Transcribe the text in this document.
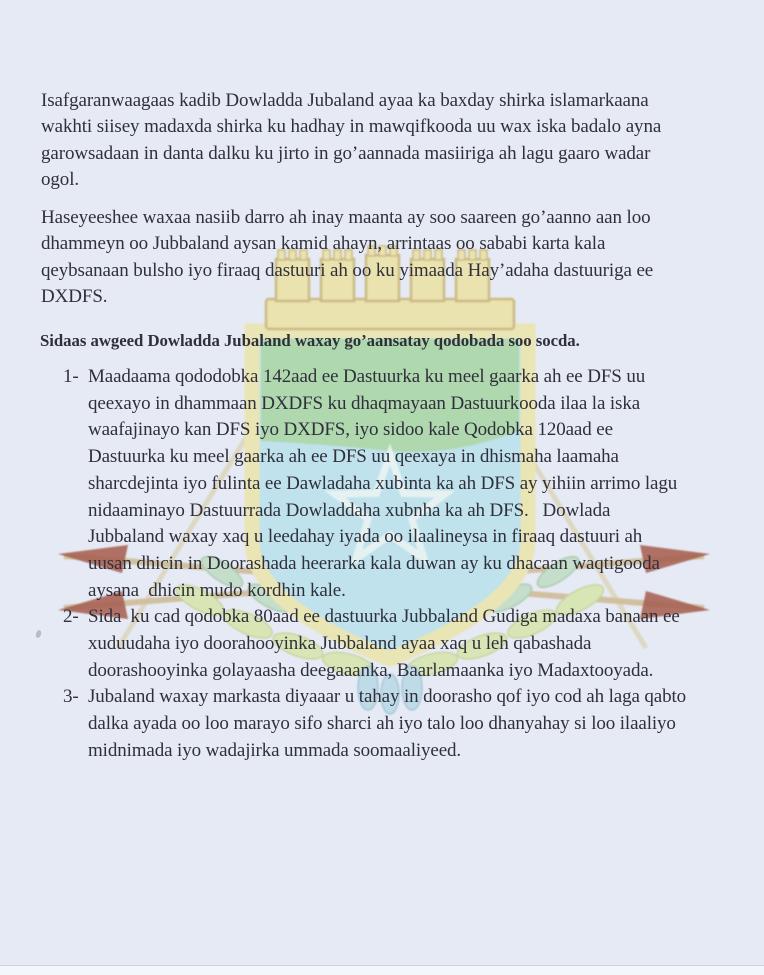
Isafgaranwaagaas kadib Dowladda Jubaland ayaa ka baxday shirka islamarkaana
wakhti siisey madaxda shirka ku hadhay in mawqifkooda uu wax iska badalo ayna
garowsadaan in danta dalku ku jirto in go’aannada masiiriga ah lagu gaaro wadar
ogol.
Haseyeeshee waxaa nasiib darro ah inay maanta ay soo saareen go’aanno aan loo
dhammeyn oo Jubbaland aysan kamid ahayn, arrintaas oo sababi karta kala
qeybsanaan bulsho iyo firaaq dastuuri ah oo ku yimaada Hay’adaha dastuuriga ee
DXDFS.
Sidaas awgeed Dowladda Jubaland waxay go’aansatay qodobada soo socda.
1- Maadaama qododobka 142aad ee Dastuurka ku meel gaarka ah ee DFS uu
qeexayo in dhammaan DXDFS ku dhaqmayaan Dastuurkooda ilaa la iska
waafajinayo kan DFS iyo DXDFS, iyo sidoo kale Qodobka 120aad ee
Dastuurka ku meel gaarka ah ee DFS uu qeexaya in dhismaha laamaha
sharcdejinta iyo fulinta ee Dawladaha xubinta ka ah DFS ay yihiin arrimo lagu
nidaaminayo Dastuurrada Dowladdaha xubnha ka ah DFS.   Dowlada
Jubbaland waxay xaq u leedahay iyada oo ilaalineysa in firaaq dastuuri ah
uusan dhicin in Doorashada heerarka kala duwan ay ku dhacaan waqtigooda
aysana  dhicin mudo kordhin kale.
2- Sida  ku cad qodobka 80aad ee dastuurka Jubbaland Gudiga madaxa banaan ee
xuduudaha iyo doorahooyinka Jubbaland ayaa xaq u leh qabashada
doorashooyinka golayaasha deegaaanka, Baarlamaanka iyo Madaxtooyada.
3- Jubaland waxay markasta diyaaar u tahay in doorasho qof iyo cod ah laga qabto
dalka ayada oo loo marayo sifo sharci ah iyo talo loo dhanyahay si loo ilaaliyo
midnimada iyo wadajirka ummada soomaaliyeed.
